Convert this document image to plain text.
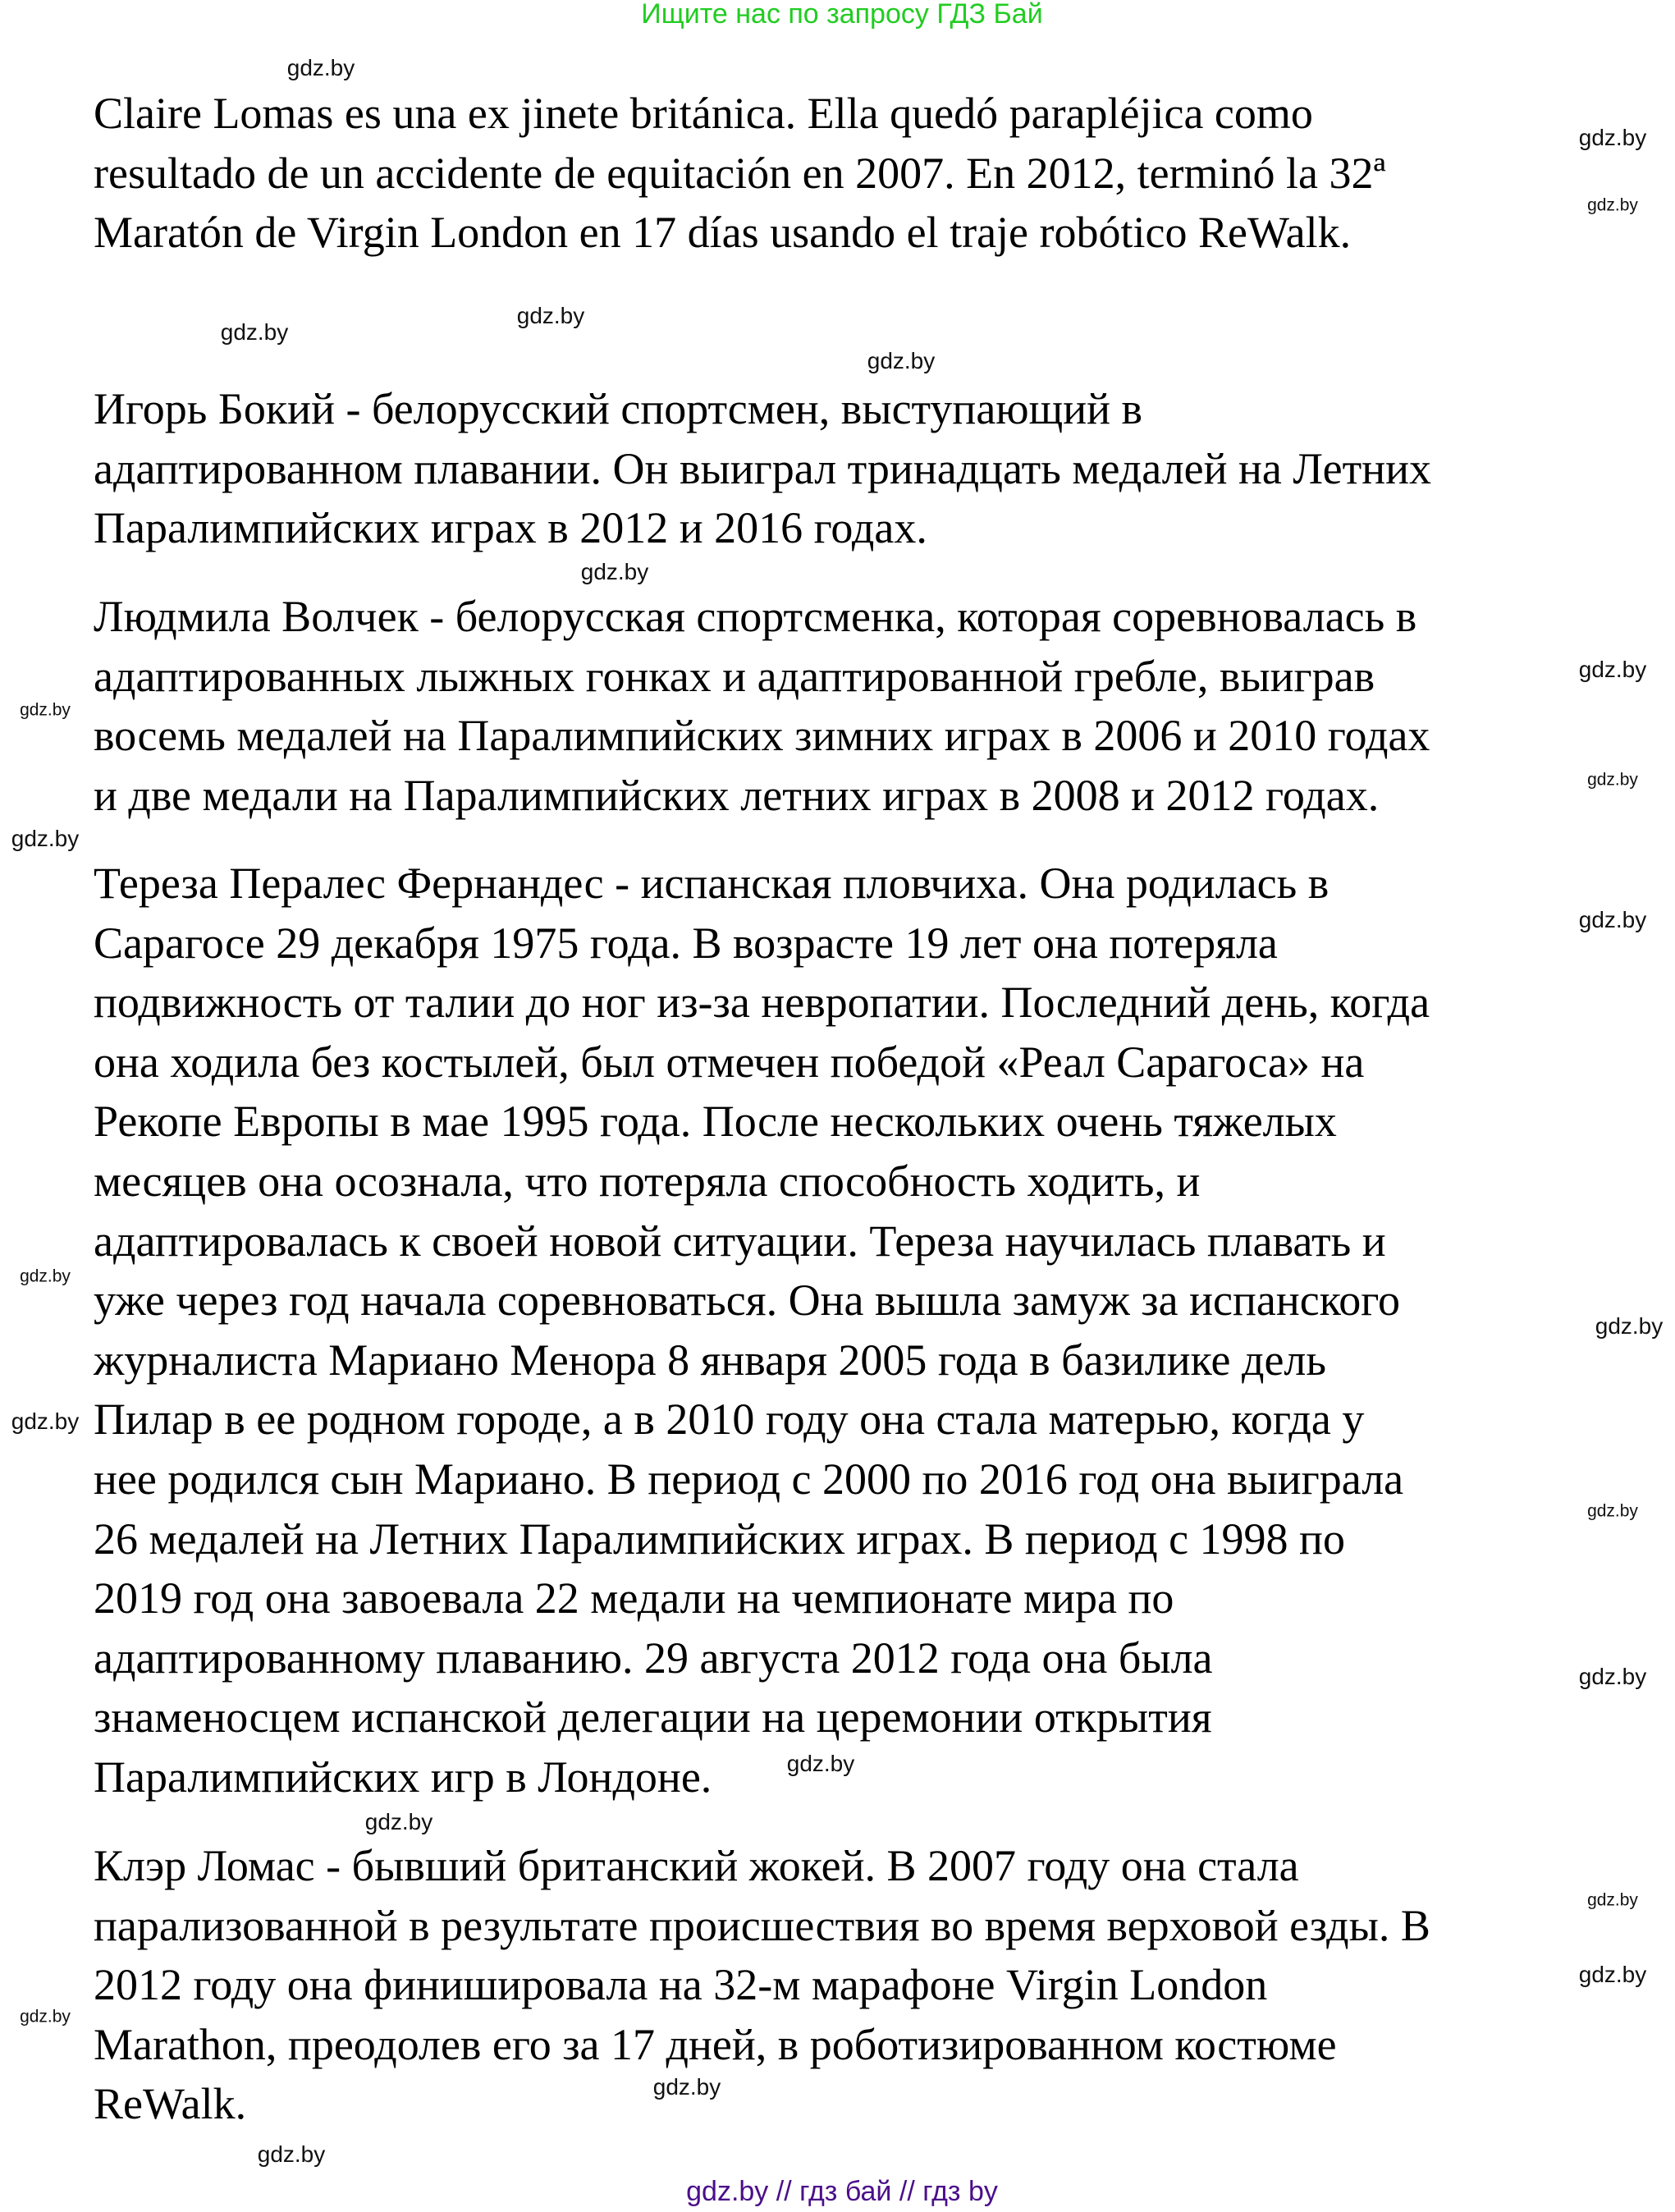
Ищите нас по запросу ГДЗ Бай
Claire Lomas es una ex jinete británica. Ella quedó parapléjica como
resultado de un accidente de equitación en 2007. En 2012, terminó la 32ª
Maratón de Virgin London en 17 días usando el traje robótico ReWalk.
Игорь Бокий - белорусский спортсмен, выступающий в
адаптированном плавании. Он выиграл тринадцать медалей на Летних
Паралимпийских играх в 2012 и 2016 годах.
Людмила Волчек - белорусская спортсменка, которая соревновалась в
адаптированных лыжных гонках и адаптированной гребле, выиграв
восемь медалей на Паралимпийских зимних играх в 2006 и 2010 годах
и две медали на Паралимпийских летних играх в 2008 и 2012 годах.
Тереза Пералес Фернандес - испанская пловчиха. Она родилась в
Сарагосе 29 декабря 1975 года. В возрасте 19 лет она потеряла
подвижность от талии до ног из-за невропатии. Последний день, когда
она ходила без костылей, был отмечен победой «Реал Сарагоса» на
Рекопе Европы в мае 1995 года. После нескольких очень тяжелых
месяцев она осознала, что потеряла способность ходить, и
адаптировалась к своей новой ситуации. Тереза научилась плавать и
уже через год начала соревноваться. Она вышла замуж за испанского
журналиста Мариано Менора 8 января 2005 года в базилике дель
Пилар в ее родном городе, а в 2010 году она стала матерью, когда у
нее родился сын Мариано. В период с 2000 по 2016 год она выиграла
26 медалей на Летних Паралимпийских играх. В период с 1998 по
2019 год она завоевала 22 медали на чемпионате мира по
адаптированному плаванию. 29 августа 2012 года она была
знаменосцем испанской делегации на церемонии открытия
Паралимпийских игр в Лондоне.
Клэр Ломас - бывший британский жокей. В 2007 году она стала
парализованной в результате происшествия во время верховой езды. В
2012 году она финишировала на 32-м марафоне Virgin London
Marathon, преодолев его за 17 дней, в роботизированном костюме
ReWalk.
gdz.by
gdz.by
gdz.by
gdz.by
gdz.by
gdz.by
gdz.by
gdz.by
gdz.by
gdz.by
gdz.by
gdz.by
gdz.by
gdz.by
gdz.by
gdz.by
gdz.by
gdz.by
gdz.by
gdz.by
gdz.by
gdz.by
gdz.by
gdz.by
gdz.by // гдз бай // гдз by
